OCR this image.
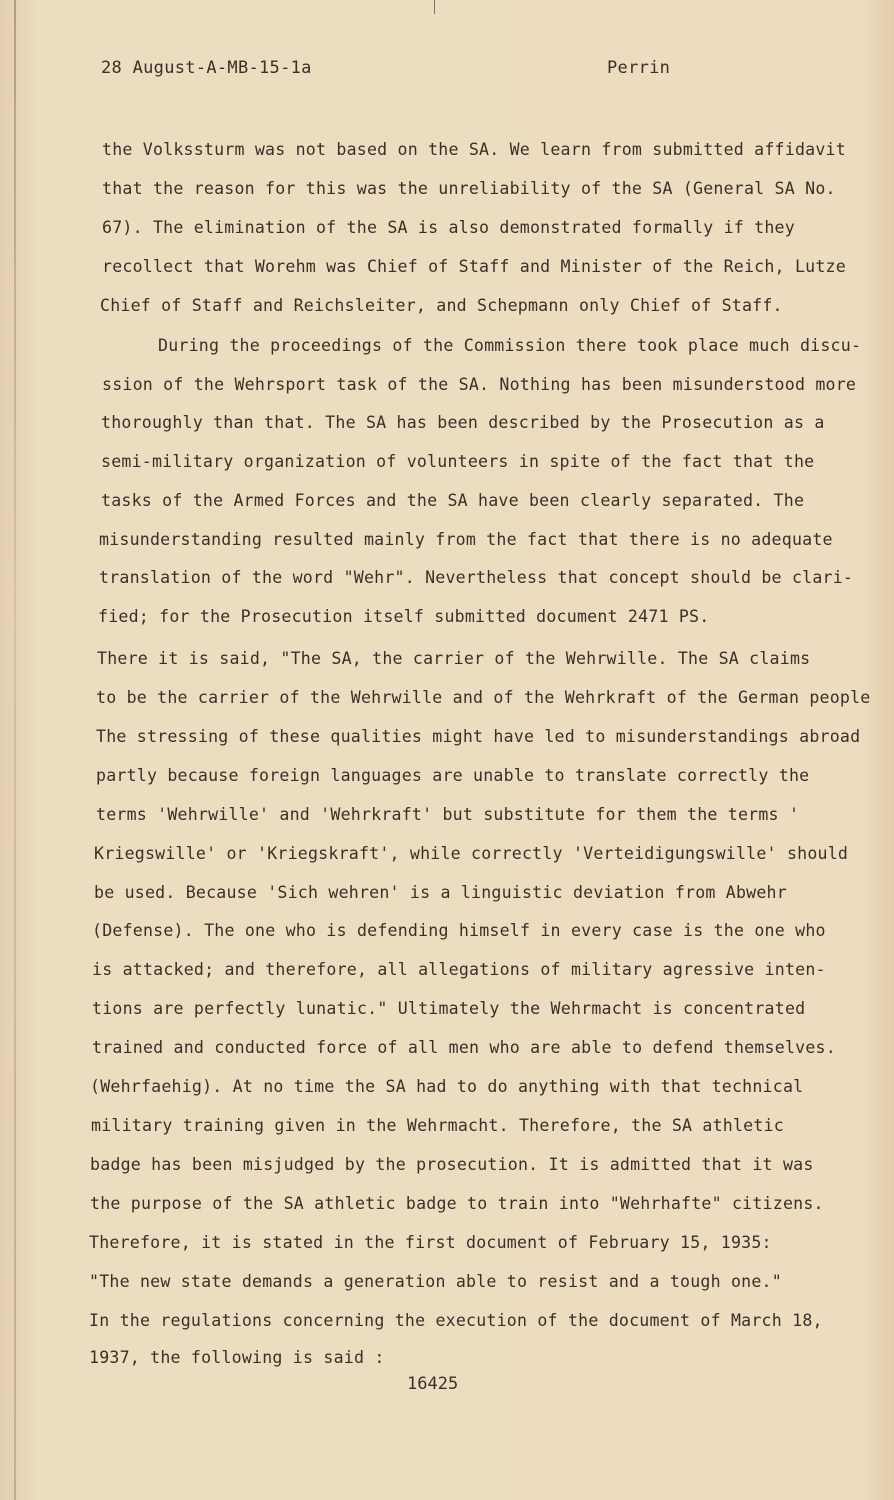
28 August-A-MB-15-1a	Perrin
the Volkssturm was not based on the SA. We learn from submitted affidavit
that the reason for this was the unreliability of the SA (General SA No.
67). The elimination of the SA is also demonstrated formally if they
recollect that Worehm was Chief of Staff and Minister of the Reich, Lutze
Chief of Staff and Reichsleiter, and Schepmann only Chief of Staff.
During the proceedings of the Commission there took place much discu-
ssion of the Wehrsport task of the SA. Nothing has been misunderstood more
thoroughly than that. The SA has been described by the Prosecution as a
semi-military organization of volunteers in spite of the fact that the
tasks of the Armed Forces and the SA have been clearly separated. The
misunderstanding resulted mainly from the fact that there is no adequate
translation of the word "Wehr". Nevertheless that concept should be clari-
fied; for the Prosecution itself submitted document 2471 PS.
There it is said, "The SA, the carrier of the Wehrwille. The SA claims
to be the carrier of the Wehrwille and of the Wehrkraft of the German people
The stressing of these qualities might have led to misunderstandings abroad
partly because foreign languages are unable to translate correctly the
terms 'Wehrwille' and 'Wehrkraft' but substitute for them the terms '
Kriegswille' or 'Kriegskraft', while correctly 'Verteidigungswille' should
be used. Because 'Sich wehren' is a linguistic deviation from Abwehr
(Defense). The one who is defending himself in every case is the one who
is attacked; and therefore, all allegations of military agressive inten-
tions are perfectly lunatic." Ultimately the Wehrmacht is concentrated
trained and conducted force of all men who are able to defend themselves.
(Wehrfaehig). At no time the SA had to do anything with that technical
military training given in the Wehrmacht. Therefore, the SA athletic
badge has been misjudged by the prosecution. It is admitted that it was
the purpose of the SA athletic badge to train into "Wehrhafte" citizens.
Therefore, it is stated in the first document of February 15, 1935:
"The new state demands a generation able to resist and a tough one."
In the regulations concerning the execution of the document of March 18,
1937, the following is said :
16425
